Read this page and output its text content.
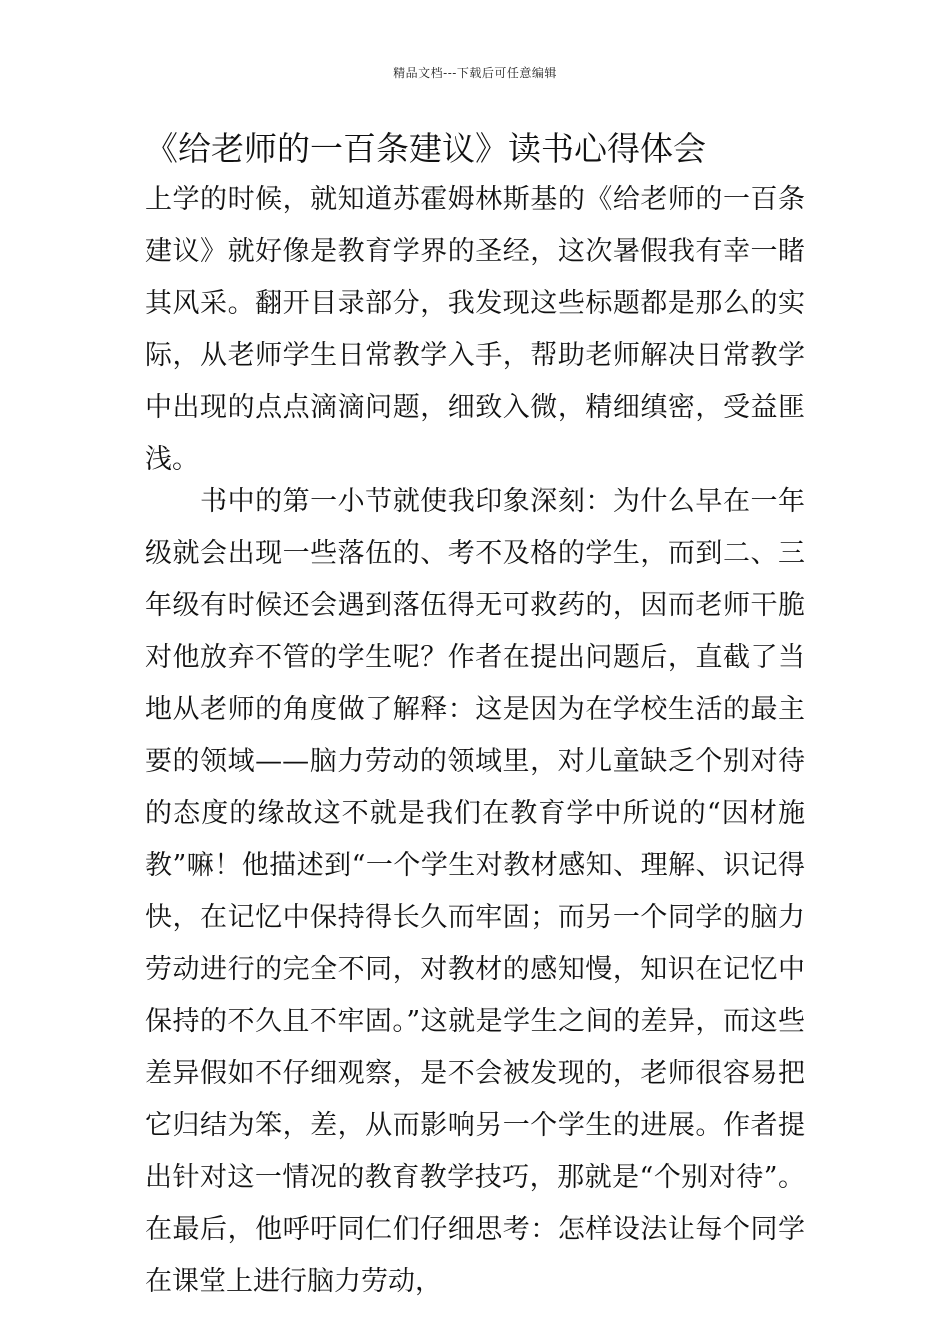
精品文档---下载后可任意编辑
《给老师的一百条建议》读书心得体会

上学的时候，就知道苏霍姆林斯基的《给老师的一百条建议》就好像是教育学界的圣经，这次暑假我有幸一睹其风采。翻开目录部分，我发现这些标题都是那么的实际，从老师学生日常教学入手，帮助老师解决日常教学中出现的点点滴滴问题，细致入微，精细缜密，受益匪浅。

　　书中的第一小节就使我印象深刻：为什么早在一年级就会出现一些落伍的、考不及格的学生，而到二、三年级有时候还会遇到落伍得无可救药的，因而老师干脆对他放弃不管的学生呢？作者在提出问题后，直截了当地从老师的角度做了解释：这是因为在学校生活的最主要的领域——脑力劳动的领域里，对儿童缺乏个别对待的态度的缘故这不就是我们在教育学中所说的“因材施教”嘛！他描述到“一个学生对教材感知、理解、识记得快，在记忆中保持得长久而牢固；而另一个同学的脑力劳动进行的完全不同，对教材的感知慢，知识在记忆中保持的不久且不牢固。”这就是学生之间的差异，而这些差异假如不仔细观察，是不会被发现的，老师很容易把它归结为笨，差，从而影响另一个学生的进展。作者提出针对这一情况的教育教学技巧，那就是“个别对待”。在最后，他呼吁同仁们仔细思考：怎样设法让每个同学在课堂上进行脑力劳动，
